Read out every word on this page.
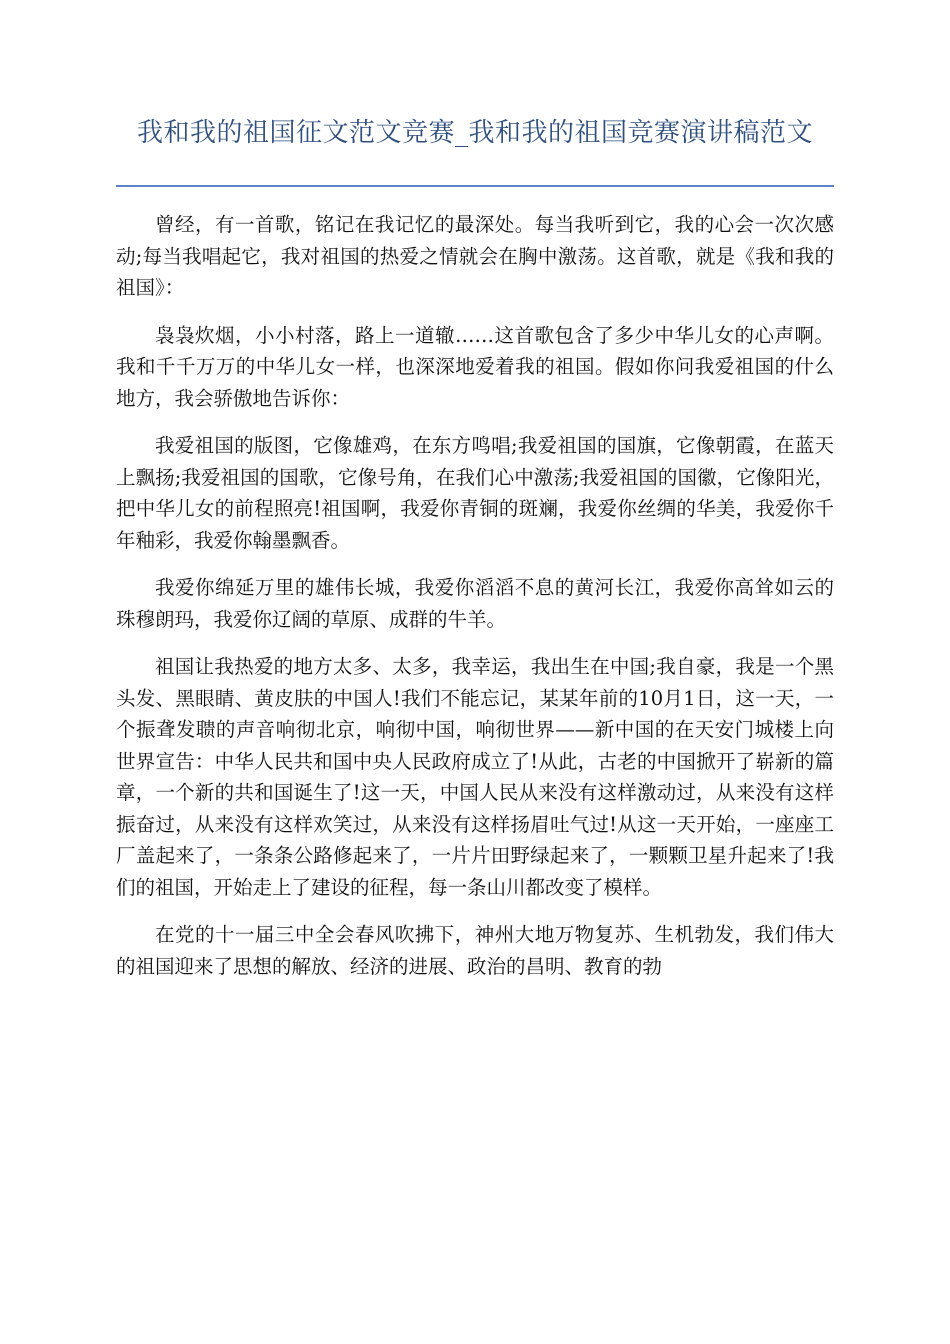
我和我的祖国征文范文竞赛_我和我的祖国竞赛演讲稿范文

曾经，有一首歌，铭记在我记忆的最深处。每当我听到它，我的心会一次次感动;每当我唱起它，我对祖国的热爱之情就会在胸中激荡。这首歌，就是《我和我的祖国》：

袅袅炊烟，小小村落，路上一道辙……这首歌包含了多少中华儿女的心声啊。我和千千万万的中华儿女一样，也深深地爱着我的祖国。假如你问我爱祖国的什么地方，我会骄傲地告诉你：

我爱祖国的版图，它像雄鸡，在东方鸣唱;我爱祖国的国旗，它像朝霞，在蓝天上飘扬;我爱祖国的国歌，它像号角，在我们心中激荡;我爱祖国的国徽，它像阳光，把中华儿女的前程照亮!祖国啊，我爱你青铜的斑斓，我爱你丝绸的华美，我爱你千年釉彩，我爱你翰墨飘香。

我爱你绵延万里的雄伟长城，我爱你滔滔不息的黄河长江，我爱你高耸如云的珠穆朗玛，我爱你辽阔的草原、成群的牛羊。

祖国让我热爱的地方太多、太多，我幸运，我出生在中国;我自豪，我是一个黑头发、黑眼睛、黄皮肤的中国人!我们不能忘记，某某年前的10月1日，这一天，一个振聋发聩的声音响彻北京，响彻中国，响彻世界——新中国的在天安门城楼上向世界宣告：中华人民共和国中央人民政府成立了!从此，古老的中国掀开了崭新的篇章，一个新的共和国诞生了!这一天，中国人民从来没有这样激动过，从来没有这样振奋过，从来没有这样欢笑过，从来没有这样扬眉吐气过!从这一天开始，一座座工厂盖起来了，一条条公路修起来了，一片片田野绿起来了，一颗颗卫星升起来了!我们的祖国，开始走上了建设的征程，每一条山川都改变了模样。

在党的十一届三中全会春风吹拂下，神州大地万物复苏、生机勃发，我们伟大的祖国迎来了思想的解放、经济的进展、政治的昌明、教育的勃
